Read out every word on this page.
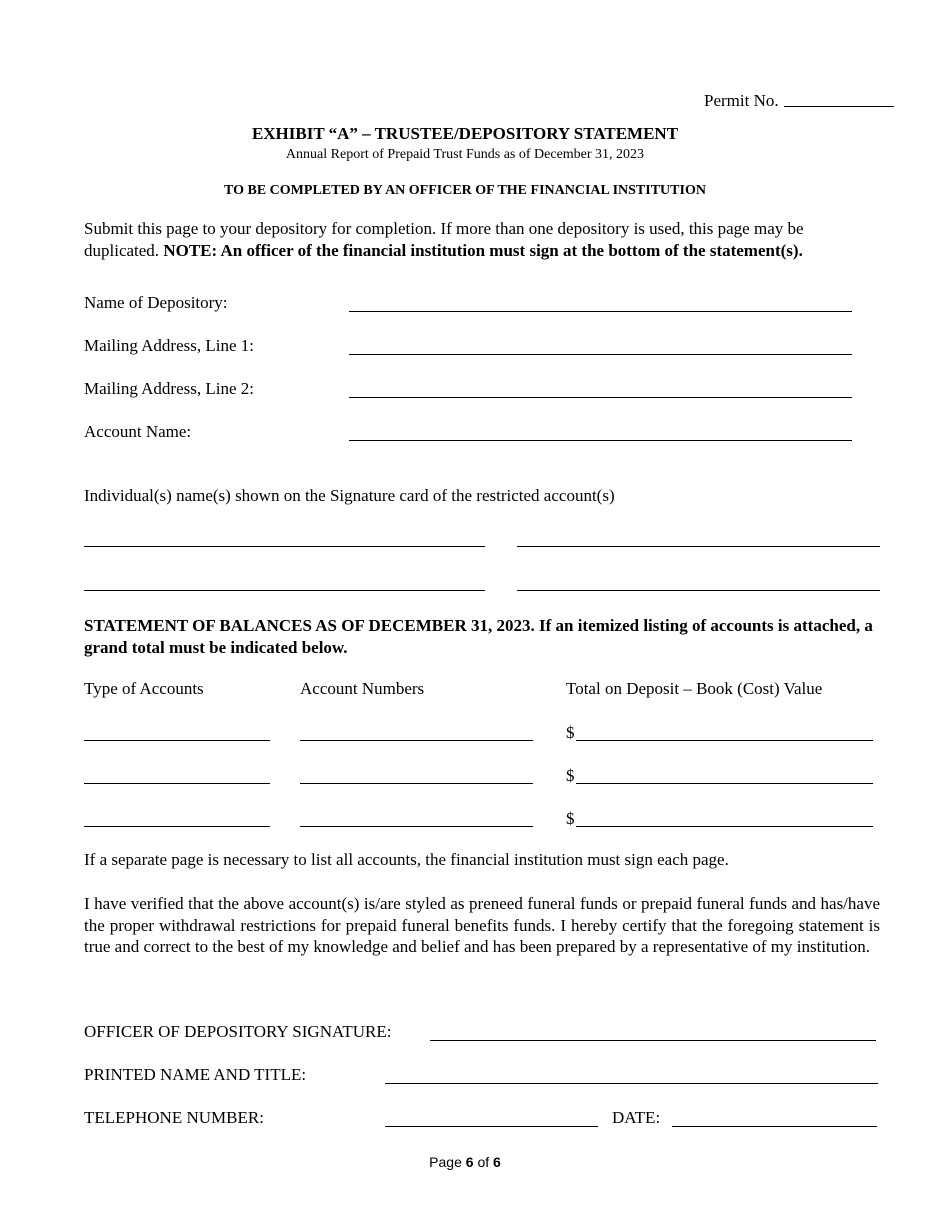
Permit No.
EXHIBIT “A” – TRUSTEE/DEPOSITORY STATEMENT
Annual Report of Prepaid Trust Funds as of December 31, 2023
TO BE COMPLETED BY AN OFFICER OF THE FINANCIAL INSTITUTION
Submit this page to your depository for completion. If more than one depository is used, this page may be duplicated. NOTE: An officer of the financial institution must sign at the bottom of the statement(s).
Name of Depository:
Mailing Address, Line 1:
Mailing Address, Line 2:
Account Name:
Individual(s) name(s) shown on the Signature card of the restricted account(s)
STATEMENT OF BALANCES AS OF DECEMBER 31, 2023. If an itemized listing of accounts is attached, a grand total must be indicated below.
Type of Accounts	Account Numbers	Total on Deposit – Book (Cost) Value
$
$
$
If a separate page is necessary to list all accounts, the financial institution must sign each page.
I have verified that the above account(s) is/are styled as preneed funeral funds or prepaid funeral funds and has/have the proper withdrawal restrictions for prepaid funeral benefits funds. I hereby certify that the foregoing statement is true and correct to the best of my knowledge and belief and has been prepared by a representative of my institution.
OFFICER OF DEPOSITORY SIGNATURE:
PRINTED NAME AND TITLE:
TELEPHONE NUMBER:	DATE:
Page 6 of 6
